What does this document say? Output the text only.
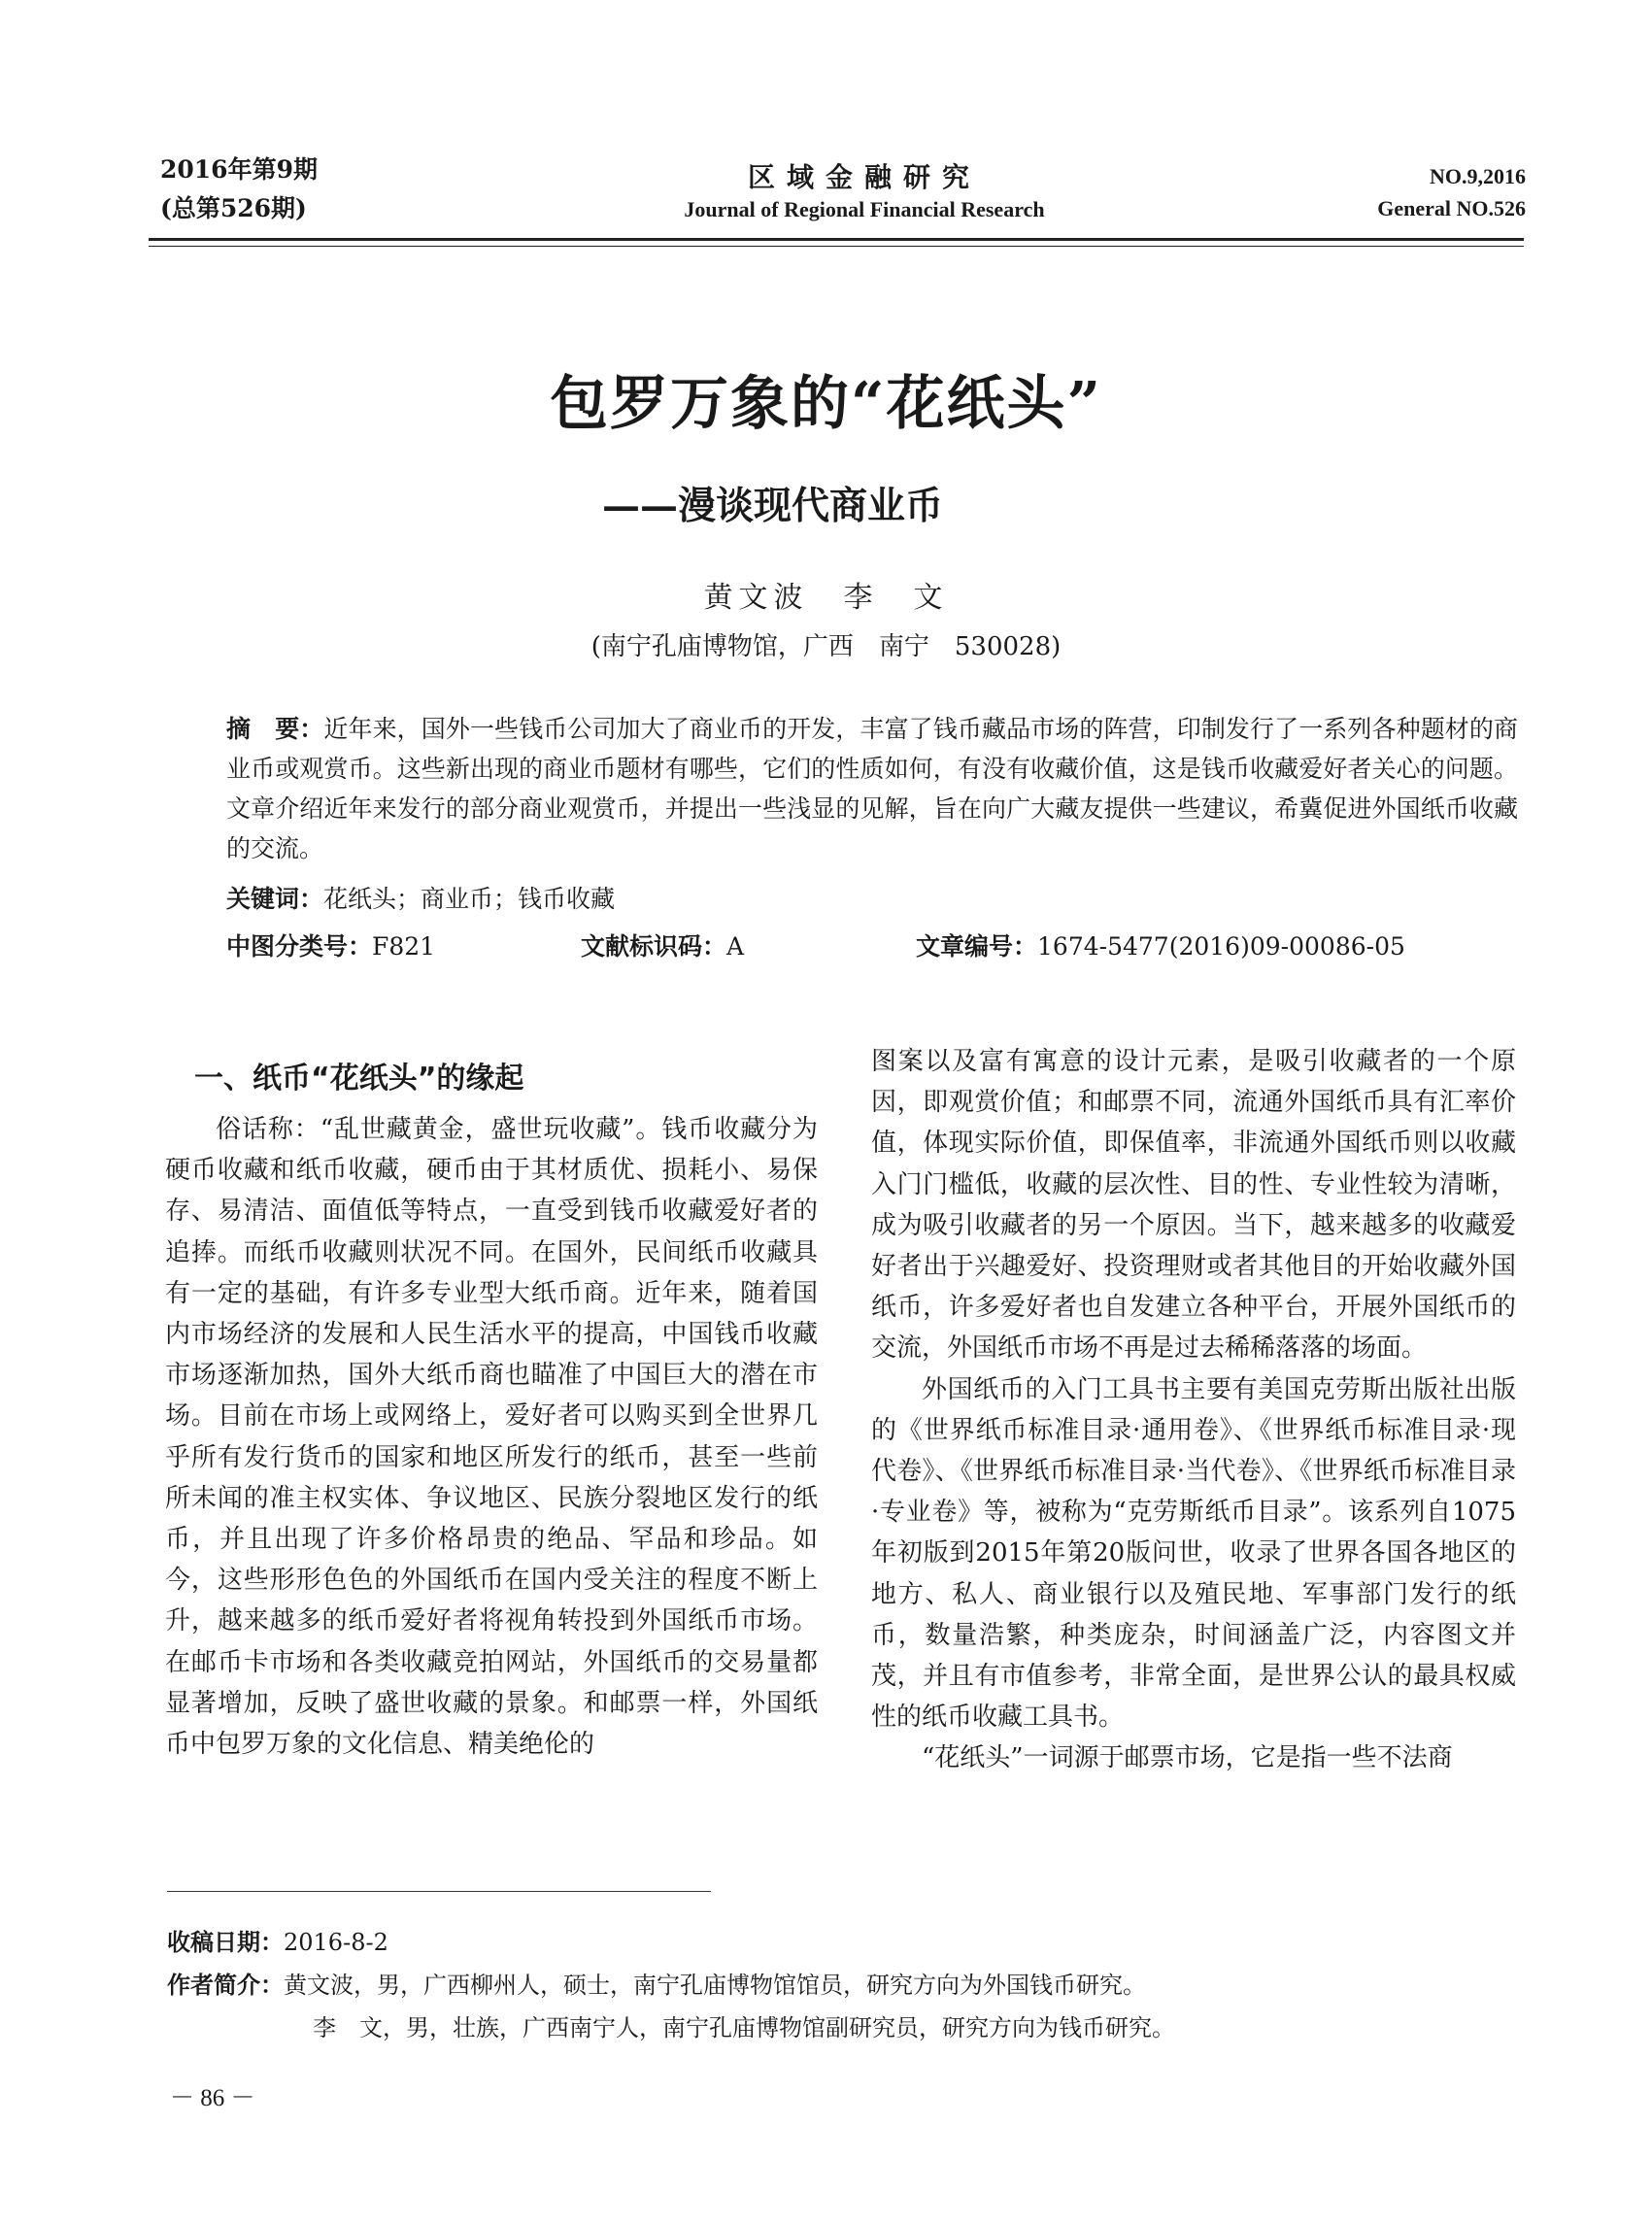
2016年第9期
(总第526期)
区域金融研究
Journal of Regional Financial Research
NO.9,2016
General NO.526
包罗万象的“花纸头”
——漫谈现代商业币
黄文波　李　文
(南宁孔庙博物馆，广西　南宁　530028)
摘　要：近年来，国外一些钱币公司加大了商业币的开发，丰富了钱币藏品市场的阵营，印制发行了一系列各种题材的商业币或观赏币。这些新出现的商业币题材有哪些，它们的性质如何，有没有收藏价值，这是钱币收藏爱好者关心的问题。文章介绍近年来发行的部分商业观赏币，并提出一些浅显的见解，旨在向广大藏友提供一些建议，希冀促进外国纸币收藏的交流。
关键词：花纸头；商业币；钱币收藏
中图分类号：F821	文献标识码：A	文章编号：1674-5477(2016)09-00086-05
一、纸币“花纸头”的缘起

俗话称：“乱世藏黄金，盛世玩收藏”。钱币收藏分为硬币收藏和纸币收藏，硬币由于其材质优、损耗小、易保存、易清洁、面值低等特点，一直受到钱币收藏爱好者的追捧。而纸币收藏则状况不同。在国外，民间纸币收藏具有一定的基础，有许多专业型大纸币商。近年来，随着国内市场经济的发展和人民生活水平的提高，中国钱币收藏市场逐渐加热，国外大纸币商也瞄准了中国巨大的潜在市场。目前在市场上或网络上，爱好者可以购买到全世界几乎所有发行货币的国家和地区所发行的纸币，甚至一些前所未闻的准主权实体、争议地区、民族分裂地区发行的纸币，并且出现了许多价格昂贵的绝品、罕品和珍品。如今，这些形形色色的外国纸币在国内受关注的程度不断上升，越来越多的纸币爱好者将视角转投到外国纸币市场。在邮币卡市场和各类收藏竞拍网站，外国纸币的交易量都显著增加，反映了盛世收藏的景象。和邮票一样，外国纸币中包罗万象的文化信息、精美绝伦的

图案以及富有寓意的设计元素，是吸引收藏者的一个原因，即观赏价值；和邮票不同，流通外国纸币具有汇率价值，体现实际价值，即保值率，非流通外国纸币则以收藏入门门槛低，收藏的层次性、目的性、专业性较为清晰，成为吸引收藏者的另一个原因。当下，越来越多的收藏爱好者出于兴趣爱好、投资理财或者其他目的开始收藏外国纸币，许多爱好者也自发建立各种平台，开展外国纸币的交流，外国纸币市场不再是过去稀稀落落的场面。

外国纸币的入门工具书主要有美国克劳斯出版社出版的《世界纸币标准目录·通用卷》、《世界纸币标准目录·现代卷》、《世界纸币标准目录·当代卷》、《世界纸币标准目录·专业卷》等，被称为“克劳斯纸币目录”。该系列自1075年初版到2015年第20版问世，收录了世界各国各地区的地方、私人、商业银行以及殖民地、军事部门发行的纸币，数量浩繁，种类庞杂，时间涵盖广泛，内容图文并茂，并且有市值参考，非常全面，是世界公认的最具权威性的纸币收藏工具书。

“花纸头”一词源于邮票市场，它是指一些不法商

收稿日期：2016-8-2
作者简介：黄文波，男，广西柳州人，硕士，南宁孔庙博物馆馆员，研究方向为外国钱币研究。
李　文，男，壮族，广西南宁人，南宁孔庙博物馆副研究员，研究方向为钱币研究。
－ 86 －
